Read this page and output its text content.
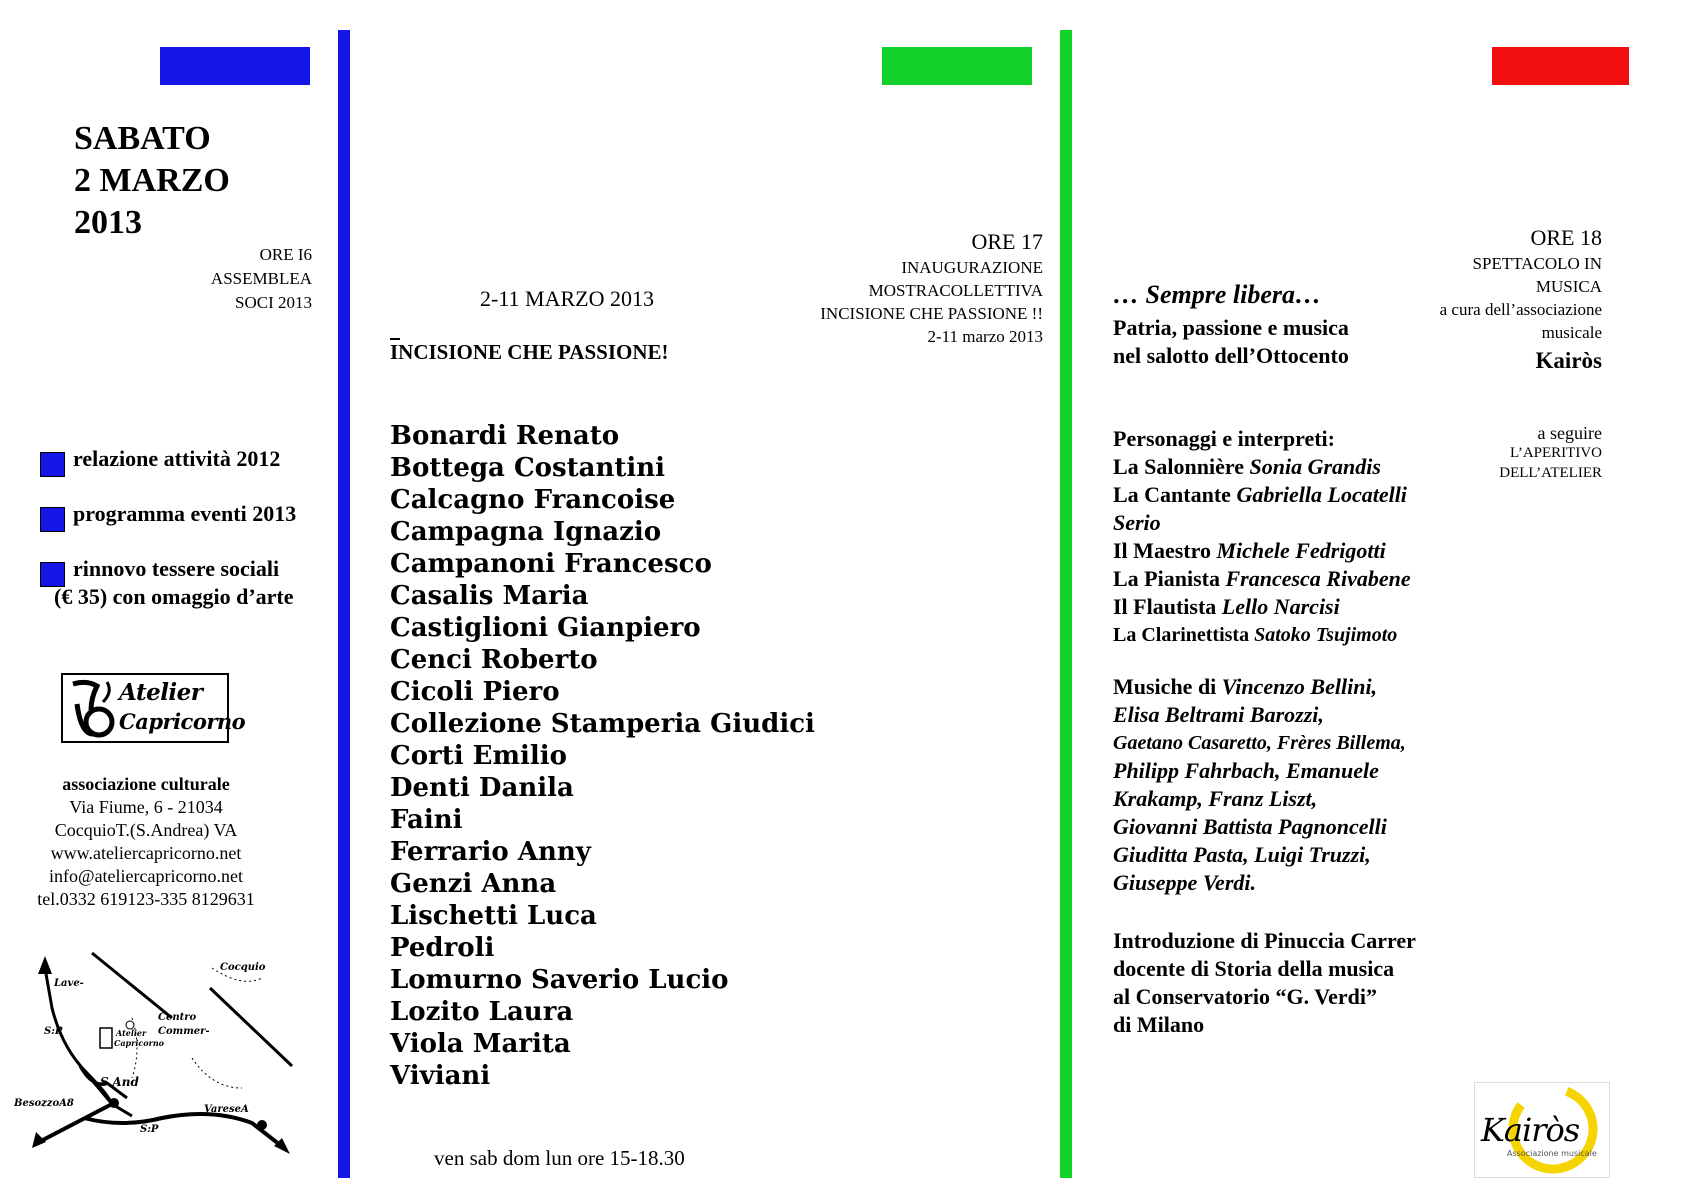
SABATO
2 MARZO
2013
ORE I6
ASSEMBLEA
SOCI 2013
relazione attività 2012
programma eventi 2013
rinnovo tessere sociali
(€ 35) con omaggio d’arte
Atelier
Capricorno
associazione culturale
Via Fiume, 6 - 21034
CocquioT.(S.Andrea) VA
www.ateliercapricorno.net
info@ateliercapricorno.net
tel.0332 619123-335 8129631
Lave-
Cocquio
Centro
Commer-
S:P	Atelier
Capricorno
S.And
BesozzoA8
S:P
VareseA
2-11 MARZO 2013
INCISIONE CHE PASSIONE!
Bonardi Renato
Bottega Costantini
Calcagno Francoise
Campagna Ignazio
Campanoni Francesco
Casalis Maria
Castiglioni Gianpiero
Cenci Roberto
Cicoli Piero
Collezione Stamperia Giudici
Corti Emilio
Denti Danila
Faini
Ferrario Anny
Genzi Anna
Lischetti Luca
Pedroli
Lomurno Saverio Lucio
Lozito Laura
Viola Marita
Viviani
ven sab dom lun ore 15-18.30
ORE 17
INAUGURAZIONE
MOSTRACOLLETTIVA
INCISIONE CHE PASSIONE !!
2-11 marzo 2013
… Sempre libera…
Patria, passione e musica
nel salotto dell’Ottocento
ORE 18
SPETTACOLO IN
MUSICA
a cura dell’associazione
musicale
Kairòs
a seguire
L’APERITIVO
DELL’ATELIER
Personaggi e interpreti:
La Salonnière Sonia Grandis
La Cantante Gabriella Locatelli
Serio
Il Maestro Michele Fedrigotti
La Pianista Francesca Rivabene
Il Flautista Lello Narcisi
La Clarinettista Satoko Tsujimoto
Musiche di Vincenzo Bellini,
Elisa Beltrami Barozzi,
Gaetano Casaretto, Frères Billema,
Philipp Fahrbach, Emanuele
Krakamp, Franz Liszt,
Giovanni Battista Pagnoncelli
Giuditta Pasta, Luigi Truzzi,
Giuseppe Verdi.
Introduzione di Pinuccia Carrer
docente di Storia della musica
al Conservatorio “G. Verdi”
di Milano
Kairòs
Associazione musicale
